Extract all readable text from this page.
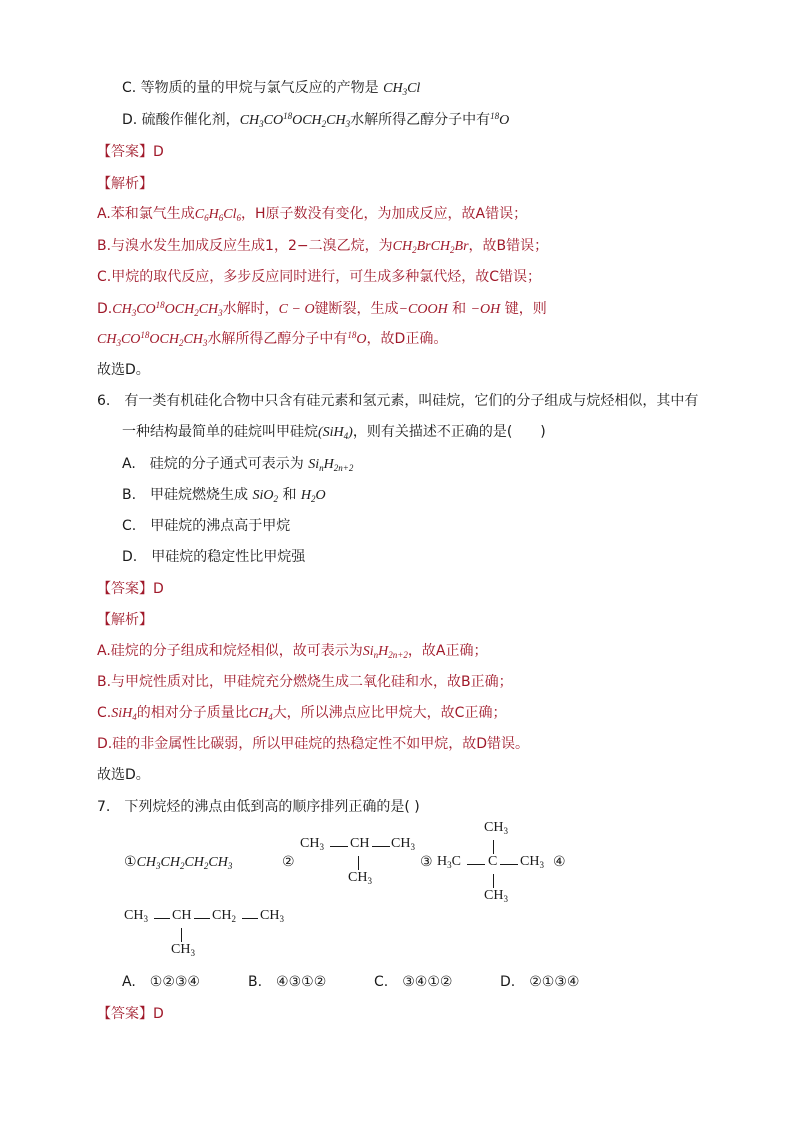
C. 等物质的量的甲烷与氯气反应的产物是 $CH_3Cl$
D. 硫酸作催化剂，$CH_3CO^{18}OCH_2CH_3$水解所得乙醇分子中有$^{18}$O
【答案】D
【解析】
A.苯和氯气生成$C_6H_6Cl_6$，H原子数没有变化，为加成反应，故A错误；
B.与溴水发生加成反应生成1，2−二溴乙烷，为$CH_2BrCH_2Br$，故B错误；
C.甲烷的取代反应，多步反应同时进行，可生成多种氯代烃，故C错误；
$D.CH_3CO^{18}OCH_2CH_3$水解时，C − O键断裂，生成−COOH 和 −OH 键，则
$CH_3CO^{18}OCH_2CH_3$水解所得乙醇分子中有$^{18}$O，故D正确。
故选D。
6.　有一类有机硅化合物中只含有硅元素和氢元素，叫硅烷，它们的分子组成与烷烃相似，其中有
一种结构最简单的硅烷叫甲硅烷(SiH$_4$)，则有关描述不正确的是(　　)
A.　硅烷的分子通式可表示为 $Si_nH_{2n+2}$
B.　甲硅烷燃烧生成 SiO$_2$ 和 $H_2O$
C.　甲硅烷的沸点高于甲烷
D.　甲硅烷的稳定性比甲烷强
【答案】D
【解析】
A.硅烷的分子组成和烷烃相似，故可表示为$Si_nH_{2n+2}$，故A正确；
B.与甲烷性质对比，甲硅烷充分燃烧生成二氧化硅和水，故B正确；
C.SiH$_4$的相对分子质量比$CH_4$大，所以沸点应比甲烷大，故C正确；
D.硅的非金属性比碳弱，所以甲硅烷的热稳定性不如甲烷，故D错误。
故选D。
7.　下列烷烃的沸点由低到高的顺序排列正确的是( )
$①CH_3CH_2CH_2CH_3$	②
$CH_3$ CH $CH_3$
$CH_3$
③
$CH_3$
$H_3C$ C $CH_3$
$CH_3$
④
$CH_3$ CH $CH_2$ $CH_3$
$CH_3$
A.　①②③④	B.　④③①②	C.　③④①②	D.　②①③④
【答案】D
